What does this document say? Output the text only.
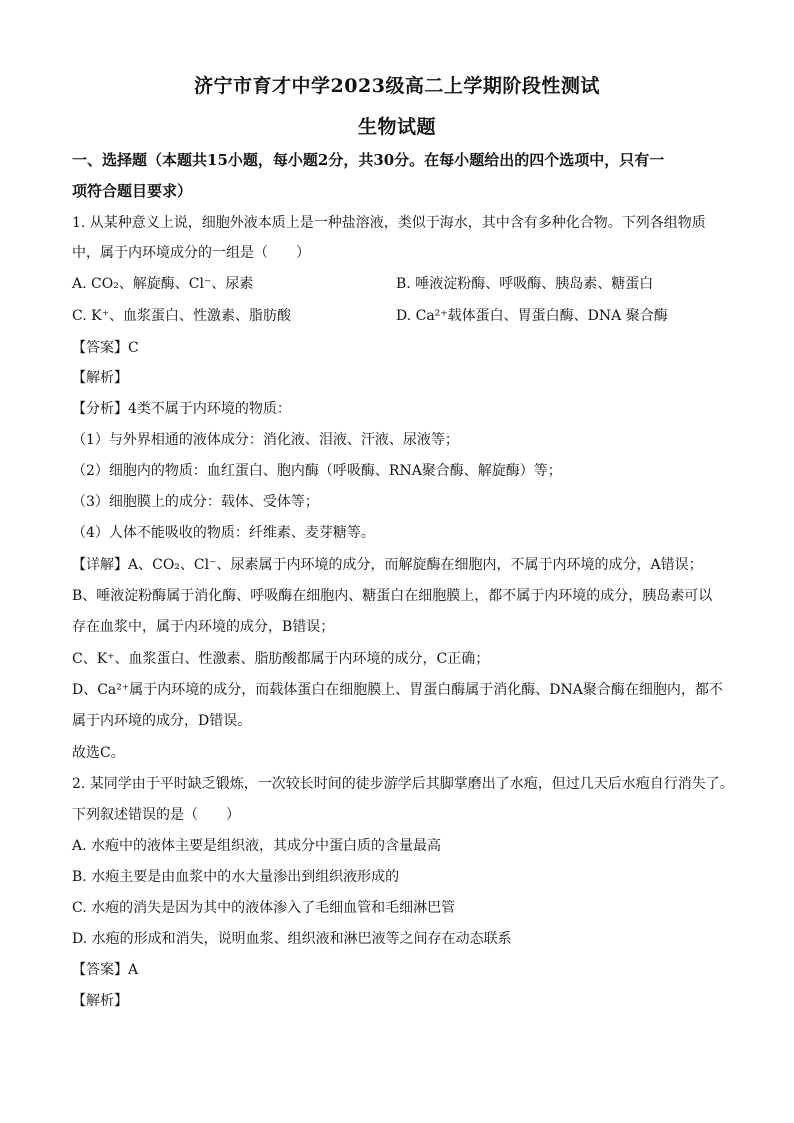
济宁市育才中学2023级高二上学期阶段性测试
生物试题
一、选择题（本题共15小题，每小题2分，共30分。在每小题给出的四个选项中，只有一
项符合题目要求）
1. 从某种意义上说，细胞外液本质上是一种盐溶液，类似于海水，其中含有多种化合物。下列各组物质
中，属于内环境成分的一组是（　　）
A. CO₂、解旋酶、Cl⁻、尿素	B. 唾液淀粉酶、呼吸酶、胰岛素、糖蛋白
C. K⁺、血浆蛋白、性激素、脂肪酸	D. Ca²⁺载体蛋白、胃蛋白酶、DNA 聚合酶
【答案】C
【解析】
【分析】4类不属于内环境的物质：
（1）与外界相通的液体成分：消化液、泪液、汗液、尿液等；
（2）细胞内的物质：血红蛋白、胞内酶（呼吸酶、RNA聚合酶、解旋酶）等；
（3）细胞膜上的成分：载体、受体等；
（4）人体不能吸收的物质：纤维素、麦芽糖等。
【详解】A、CO₂、Cl⁻、尿素属于内环境的成分，而解旋酶在细胞内，不属于内环境的成分，A错误；
B、唾液淀粉酶属于消化酶、呼吸酶在细胞内、糖蛋白在细胞膜上，都不属于内环境的成分，胰岛素可以
存在血浆中，属于内环境的成分，B错误；
C、K⁺、血浆蛋白、性激素、脂肪酸都属于内环境的成分，C正确；
D、Ca²⁺属于内环境的成分，而载体蛋白在细胞膜上、胃蛋白酶属于消化酶、DNA聚合酶在细胞内，都不
属于内环境的成分，D错误。
故选C。
2. 某同学由于平时缺乏锻炼，一次较长时间的徒步游学后其脚掌磨出了水疱，但过几天后水疱自行消失了。
下列叙述错误的是（　　）
A. 水疱中的液体主要是组织液，其成分中蛋白质的含量最高
B. 水疱主要是由血浆中的水大量渗出到组织液形成的
C. 水疱的消失是因为其中的液体渗入了毛细血管和毛细淋巴管
D. 水疱的形成和消失，说明血浆、组织液和淋巴液等之间存在动态联系
【答案】A
【解析】
